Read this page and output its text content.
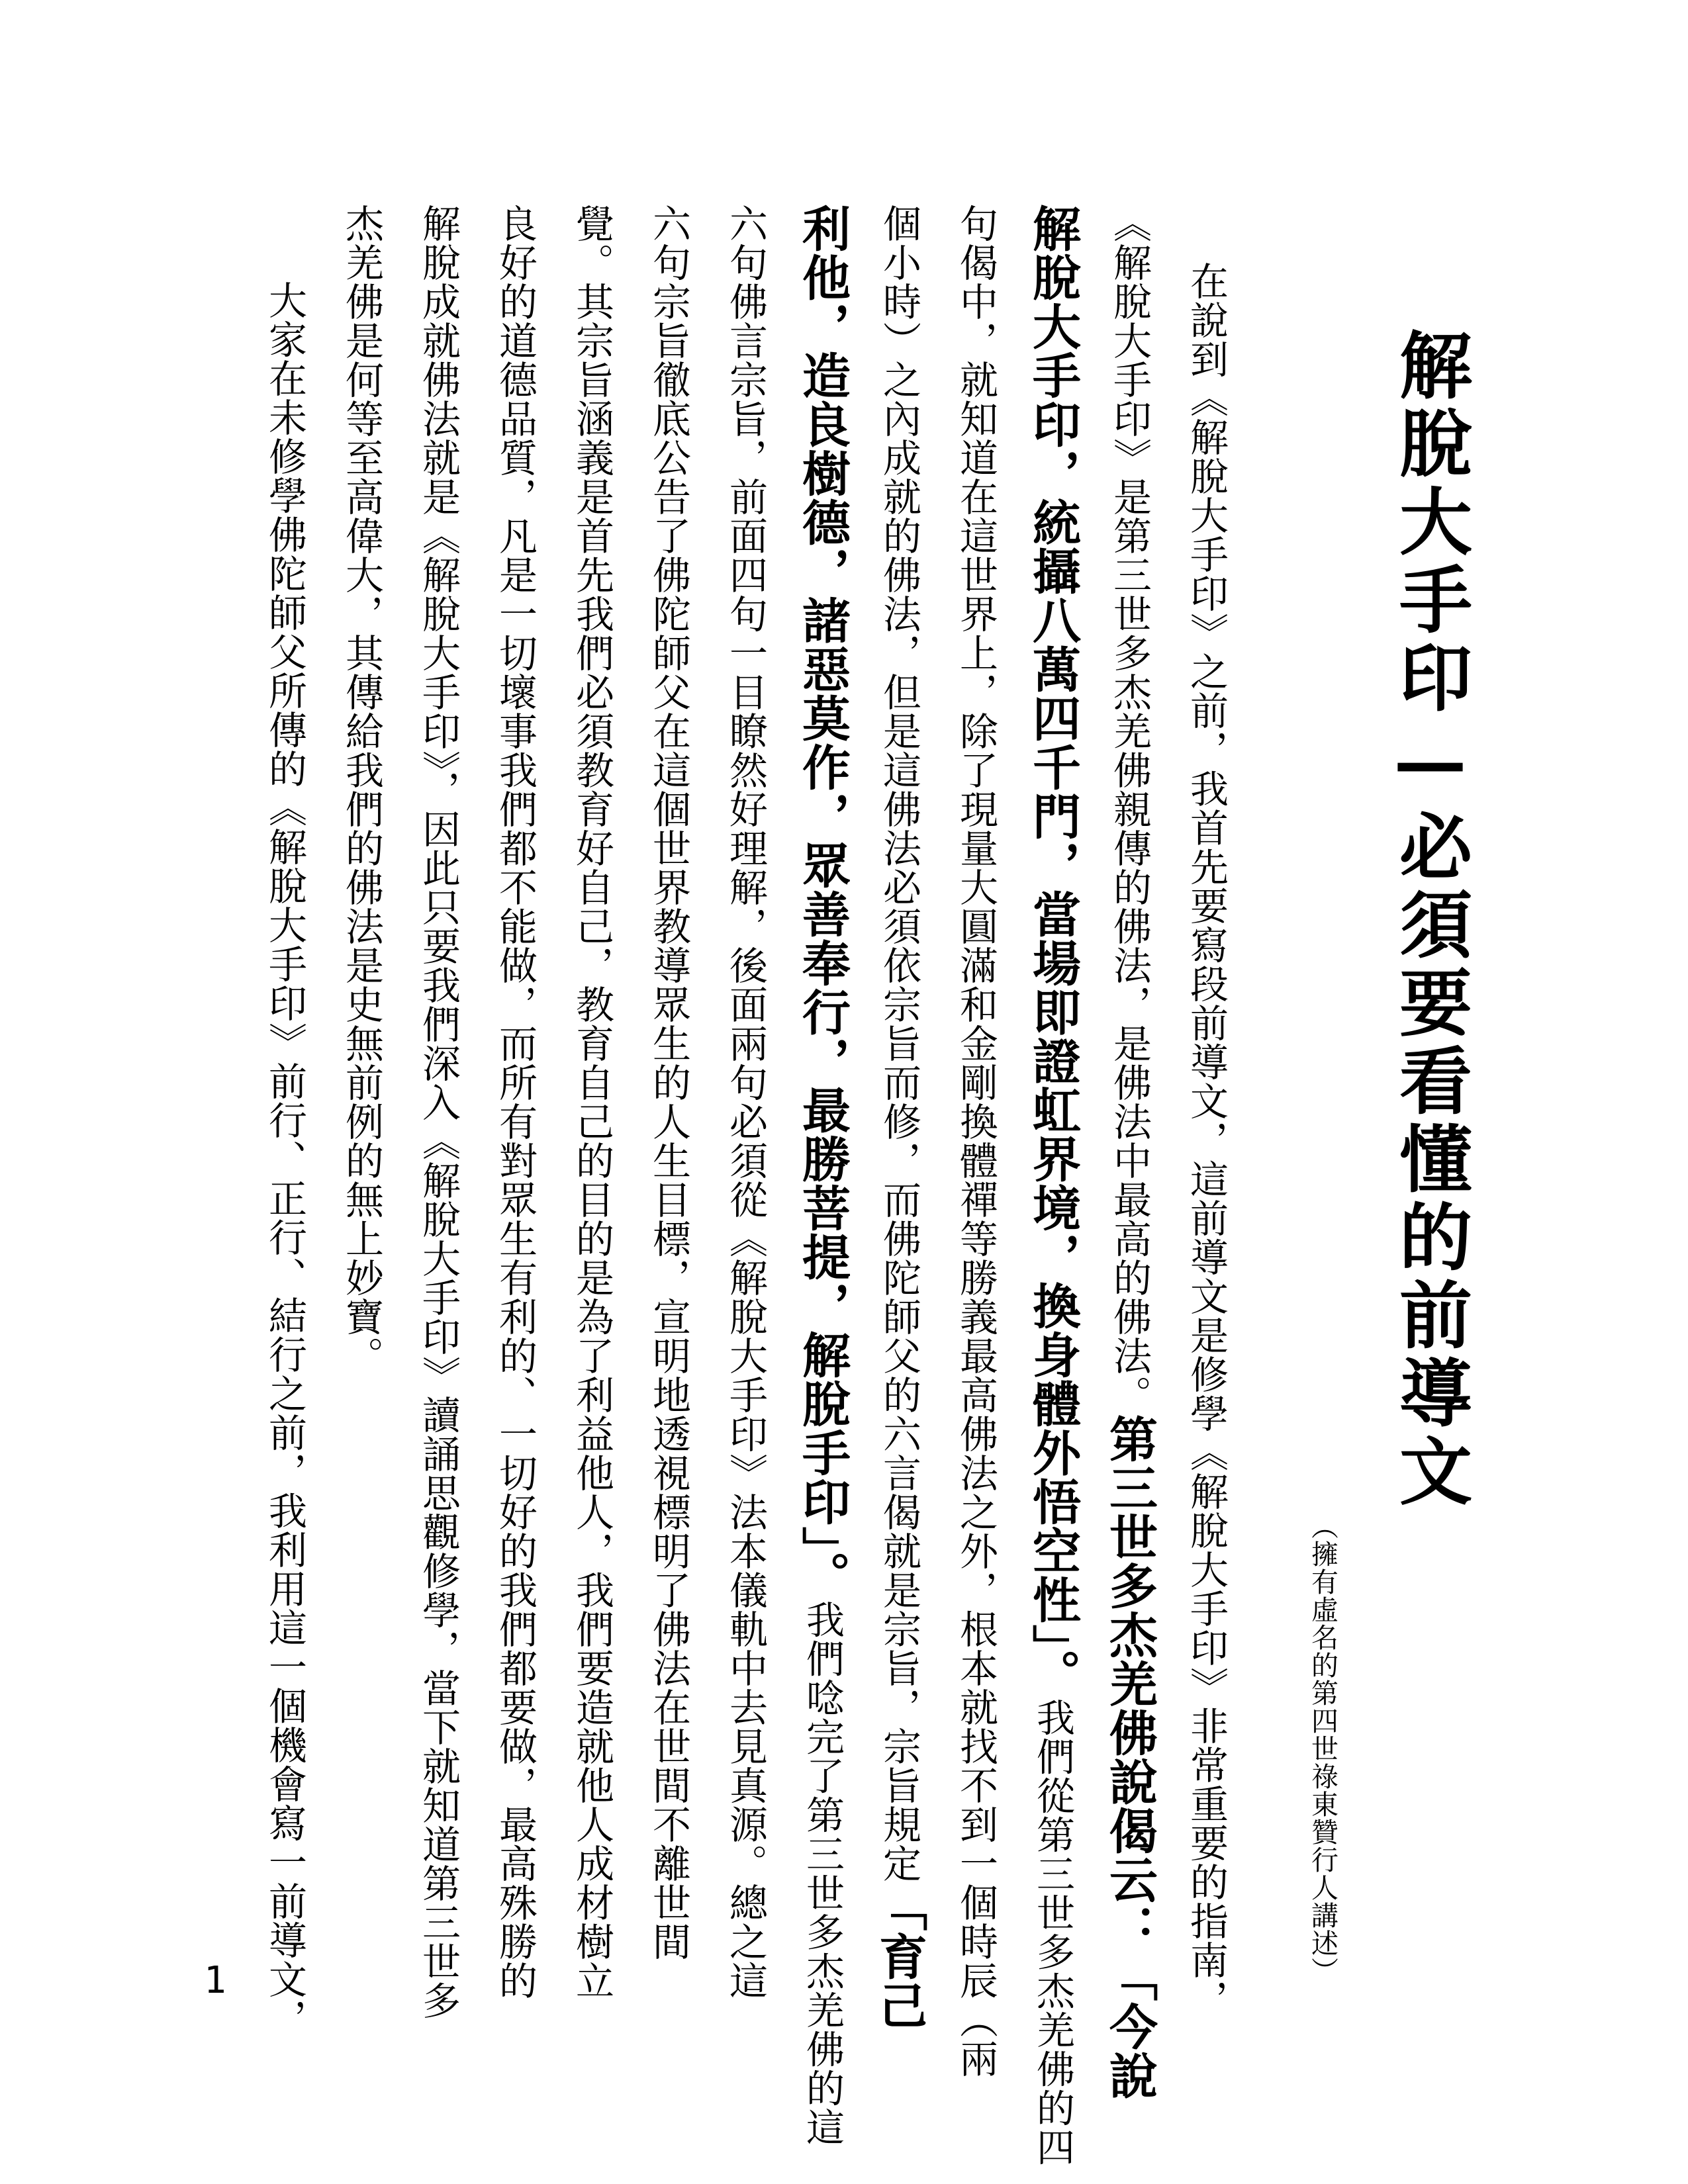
解脫大手印—必須要看懂的前導文
（擁有虛名的第四世祿東贊行人講述）
在說到《解脫大手印》之前，我首先要寫段前導文，這前導文是修學《解脫大手印》非常重要的指南，
《解脫大手印》是第三世多杰羌佛親傳的佛法，是佛法中最高的佛法。第三世多杰羌佛說偈云：「今說
解脫大手印，統攝八萬四千門，當場即證虹界境，換身體外悟空性」。我們從第三世多杰羌佛的四
句偈中，就知道在這世界上，除了現量大圓滿和金剛換體禪等勝義最高佛法之外，根本就找不到一個時辰（兩
個小時）之內成就的佛法，但是這佛法必須依宗旨而修，而佛陀師父的六言偈就是宗旨，宗旨規定「育己
利他，造良樹德，諸惡莫作，眾善奉行，最勝菩提，解脫手印」。我們唸完了第三世多杰羌佛的這
六句佛言宗旨，前面四句一目瞭然好理解，後面兩句必須從《解脫大手印》法本儀軌中去見真源。總之這
六句宗旨徹底公告了佛陀師父在這個世界教導眾生的人生目標，宣明地透視標明了佛法在世間不離世間
覺。其宗旨涵義是首先我們必須教育好自己，教育自己的目的是為了利益他人，我們要造就他人成材樹立
良好的道德品質，凡是一切壞事我們都不能做，而所有對眾生有利的、一切好的我們都要做，最高殊勝的
解脫成就佛法就是《解脫大手印》，因此只要我們深入《解脫大手印》讀誦思觀修學，當下就知道第三世多
杰羌佛是何等至高偉大，其傳給我們的佛法是史無前例的無上妙寶。
大家在未修學佛陀師父所傳的《解脫大手印》前行、正行、結行之前，我利用這一個機會寫一前導文，
1
